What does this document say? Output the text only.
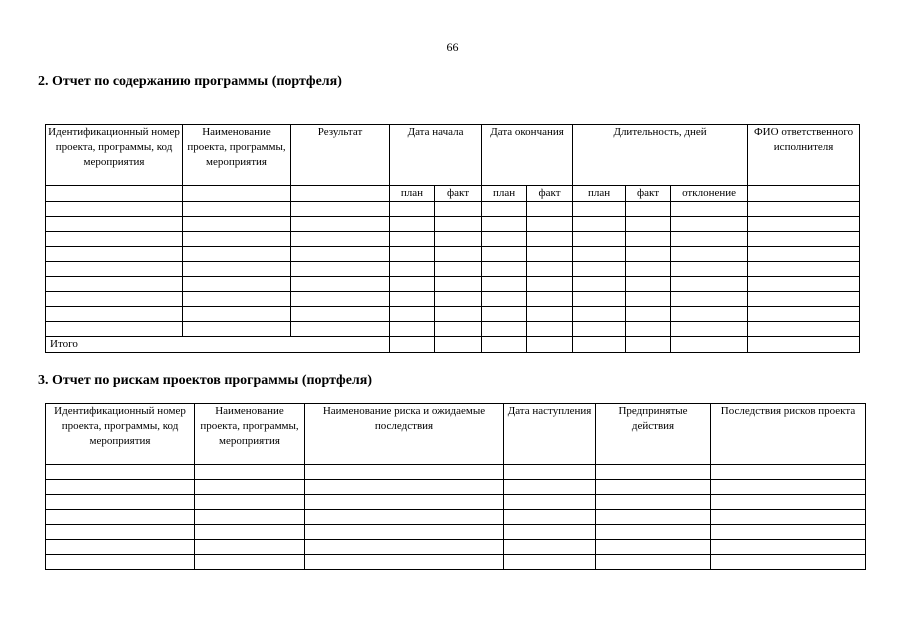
66
2. Отчет по содержанию программы (портфеля)
Идентификационный номер проекта, программы, код мероприятия	Наименование проекта, программы, мероприятия	Результат	Дата начала		Дата окончания		Длительность, дней			ФИО ответственного исполнителя
			план	факт	план	факт	план	факт	отклонение	

Итого										
3. Отчет по рискам проектов программы (портфеля)
Идентификационный номер проекта, программы, код мероприятия	Наименование проекта, программы, мероприятия	Наименование риска и ожидаемые последствия	Дата наступления	Предпринятые действия	Последствия рисков проекта
